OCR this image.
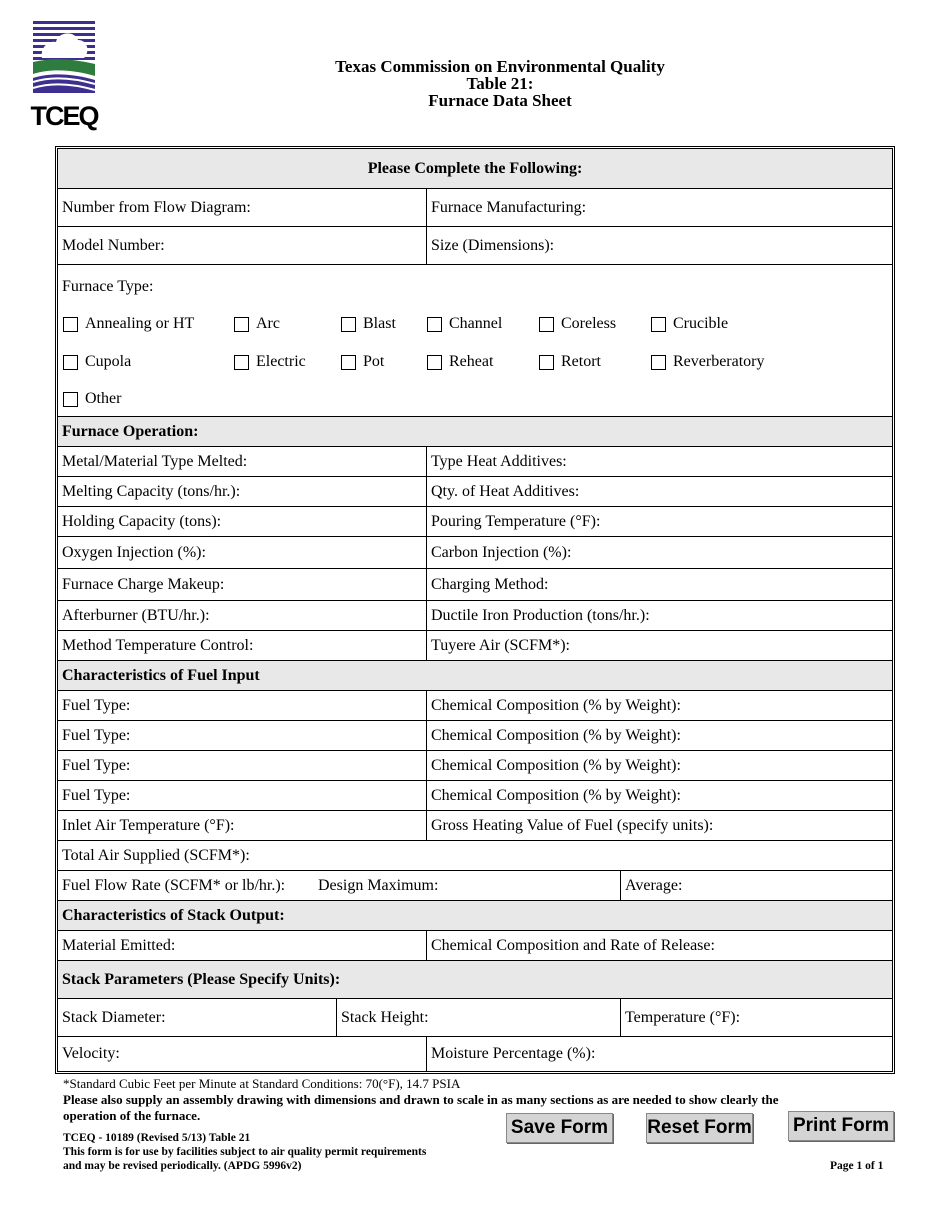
TCEQ
Texas Commission on Environmental Quality
Table 21:
Furnace Data Sheet
Please Complete the Following:
Number from Flow Diagram:	Furnace Manufacturing:
Model Number:	Size (Dimensions):
Furnace Type:
Annealing or HT	Arc	Blast	Channel	Coreless	Crucible
Cupola	Electric	Pot	Reheat	Retort	Reverberatory
Other
Furnace Operation:
Metal/Material Type Melted:	Type Heat Additives:
Melting Capacity (tons/hr.):	Qty. of Heat Additives:
Holding Capacity (tons):	Pouring Temperature (°F):
Oxygen Injection (%):	Carbon Injection (%):
Furnace Charge Makeup:	Charging Method:
Afterburner (BTU/hr.):	Ductile Iron Production (tons/hr.):
Method Temperature Control:	Tuyere Air (SCFM*):
Characteristics of Fuel Input
Fuel Type:	Chemical Composition (% by Weight):
Fuel Type:	Chemical Composition (% by Weight):
Fuel Type:	Chemical Composition (% by Weight):
Fuel Type:	Chemical Composition (% by Weight):
Inlet Air Temperature (°F):	Gross Heating Value of Fuel (specify units):
Total Air Supplied (SCFM*):
Fuel Flow Rate (SCFM* or lb/hr.):	Design Maximum:	Average:
Characteristics of Stack Output:
Material Emitted:	Chemical Composition and Rate of Release:
Stack Parameters (Please Specify Units):
Stack Diameter:	Stack Height:	Temperature (°F):
Velocity:	Moisture Percentage (%):
*Standard Cubic Feet per Minute at Standard Conditions: 70(°F), 14.7 PSIA
Please also supply an assembly drawing with dimensions and drawn to scale in as many sections as are needed to show clearly the
operation of the furnace.
TCEQ - 10189 (Revised 5/13) Table 21
This form is for use by facilities subject to air quality permit requirements
and may be revised periodically. (APDG 5996v2)	Page 1 of 1
Save Form Reset Form Print Form
